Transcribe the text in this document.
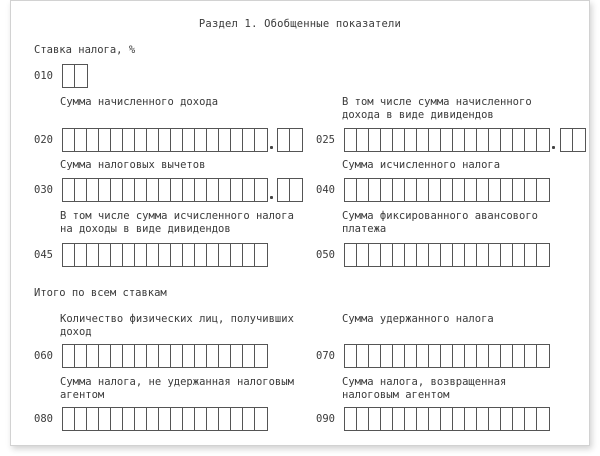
Раздел 1. Обобщенные показатели
Ставка налога, %
010
Сумма начисленного дохода
020
В том числе сумма начисленного
дохода в виде дивидендов
025
Сумма налоговых вычетов
030
Сумма исчисленного налога
040
В том числе сумма исчисленного налога
на доходы в виде дивидендов
045
Сумма фиксированного авансового
платежа
050
Итого по всем ставкам
Количество физических лиц, получивших
доход
060
Сумма удержанного налога
070
Сумма налога, не удержанная налоговым
агентом
080
Сумма налога, возвращенная
налоговым агентом
090
